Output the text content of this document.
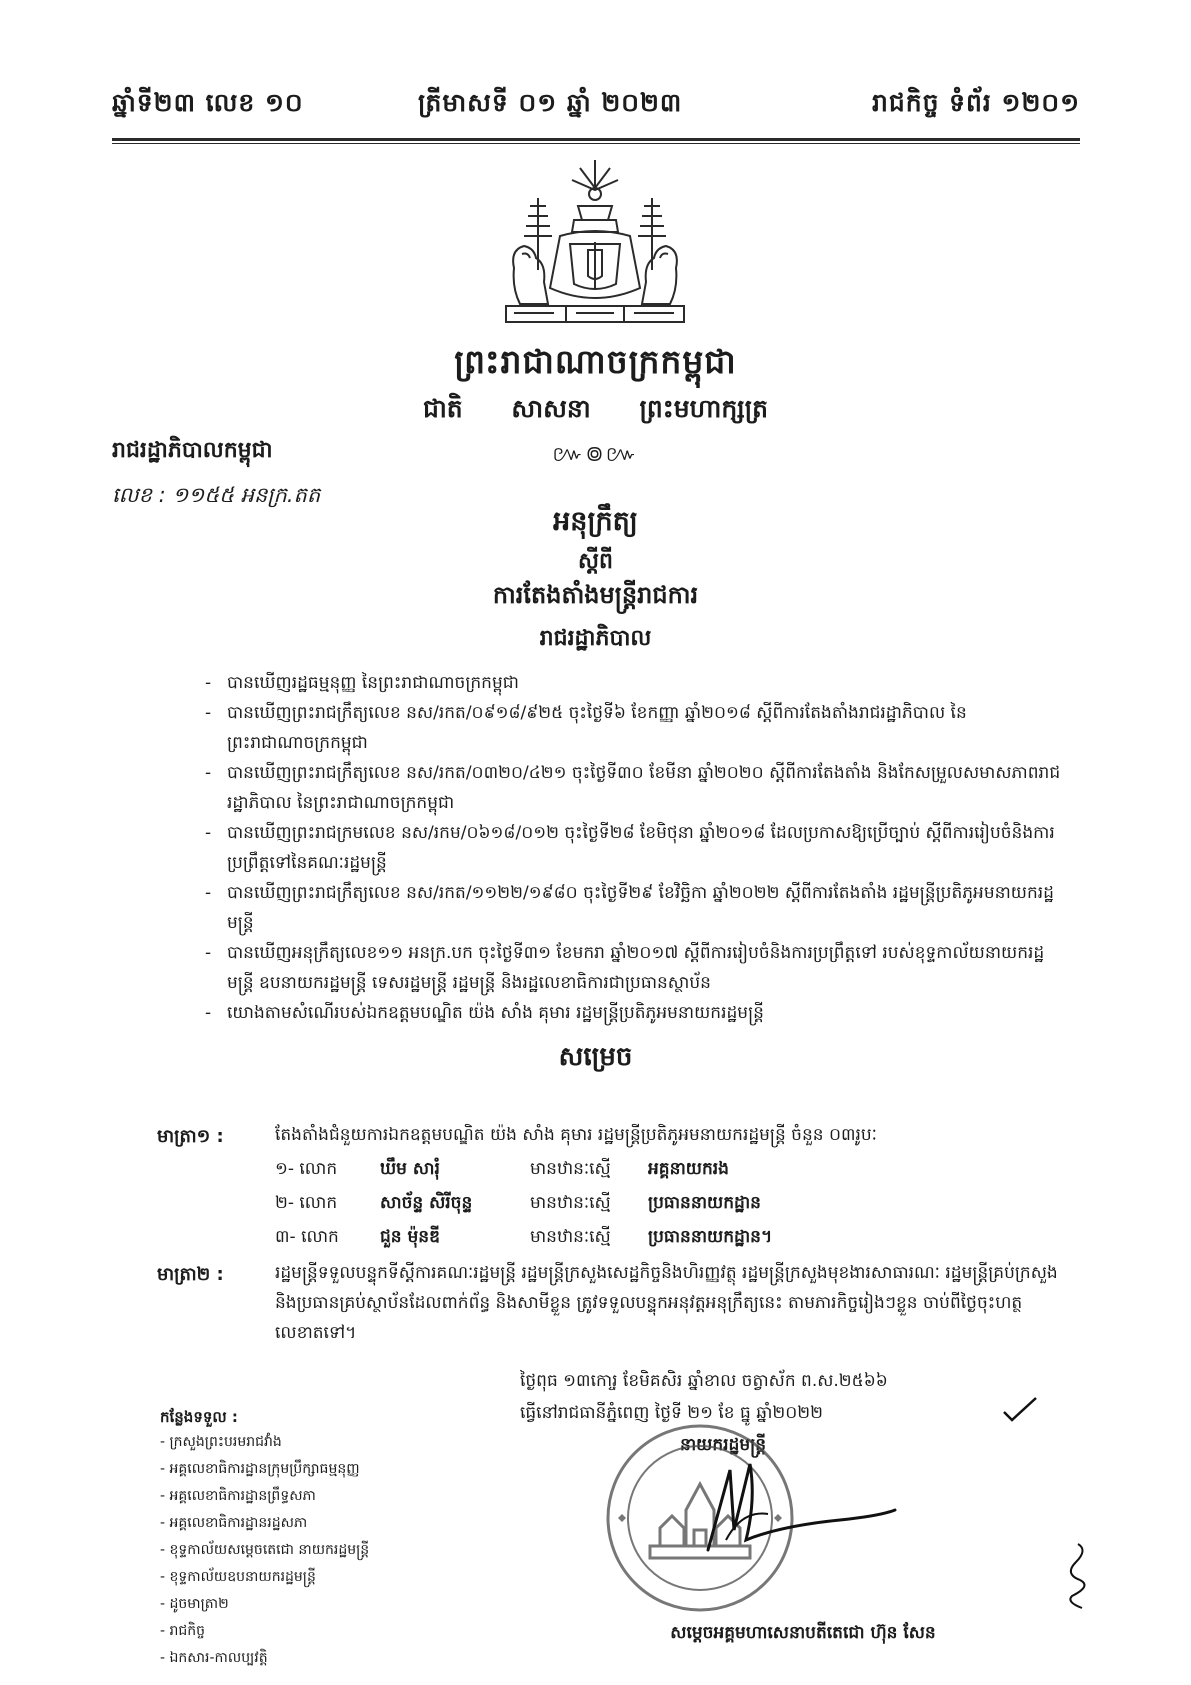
ឆ្នាំទី២៣ លេខ ១០	ត្រីមាសទី ០១ ឆ្នាំ ២០២៣	រាជកិច្ច ទំព័រ ១២០១
ព្រះរាជាណាចក្រកម្ពុជា
ជាតិ សាសនា ព្រះមហាក្សត្រ
៚៙៚
រាជរដ្ឋាភិបាលកម្ពុជា
លេខ : ១១៥៥ អនក្រ.តត
អនុក្រឹត្យ
ស្តីពី
ការតែងតាំងមន្ត្រីរាជការ
រាជរដ្ឋាភិបាល
- បានឃើញរដ្ឋធម្មនុញ្ញ នៃព្រះរាជាណាចក្រកម្ពុជា
- បានឃើញព្រះរាជក្រឹត្យលេខ នស/រកត/០៩១៨/៩២៥ ចុះថ្ងៃទី៦ ខែកញ្ញា ឆ្នាំ២០១៨ ស្តីពីការតែងតាំងរាជរដ្ឋាភិបាល នៃព្រះរាជាណាចក្រកម្ពុជា
- បានឃើញព្រះរាជក្រឹត្យលេខ នស/រកត/០៣២០/៤២១ ចុះថ្ងៃទី៣០ ខែមីនា ឆ្នាំ២០២០ ស្តីពីការតែងតាំង និងកែសម្រួលសមាសភាពរាជរដ្ឋាភិបាល នៃព្រះរាជាណាចក្រកម្ពុជា
- បានឃើញព្រះរាជក្រមលេខ នស/រកម/០៦១៨/០១២ ចុះថ្ងៃទី២៨ ខែមិថុនា ឆ្នាំ២០១៨ ដែលប្រកាសឱ្យប្រើច្បាប់ ស្តីពីការរៀបចំនិងការប្រព្រឹត្តទៅនៃគណៈរដ្ឋមន្ត្រី
- បានឃើញព្រះរាជក្រឹត្យលេខ នស/រកត/១១២២/១៩៨០ ចុះថ្ងៃទី២៩ ខែវិច្ឆិកា ឆ្នាំ២០២២ ស្តីពីការតែងតាំង រដ្ឋមន្ត្រីប្រតិភូអមនាយករដ្ឋមន្ត្រី
- បានឃើញអនុក្រឹត្យលេខ១១ អនក្រ.បក ចុះថ្ងៃទី៣១ ខែមករា ឆ្នាំ២០១៧ ស្តីពីការរៀបចំនិងការប្រព្រឹត្តទៅ របស់ខុទ្ទកាល័យនាយករដ្ឋមន្ត្រី ឧបនាយករដ្ឋមន្ត្រី ទេសរដ្ឋមន្ត្រី រដ្ឋមន្ត្រី និងរដ្ឋលេខាធិការជាប្រធានស្ថាប័ន
- យោងតាមសំណើរបស់ឯកឧត្តមបណ្ឌិត យ៉ង សាំង គុមារ រដ្ឋមន្ត្រីប្រតិភូអមនាយករដ្ឋមន្ត្រី
សម្រេច
មាត្រា១ :	តែងតាំងជំនួយការឯកឧត្តមបណ្ឌិត យ៉ង សាំង គុមារ រដ្ឋមន្ត្រីប្រតិភូអមនាយករដ្ឋមន្ត្រី ចំនួន ០៣រូបៈ
១- លោក	ឃឹម សារុំ	មានឋានៈស្មើ អគ្គនាយករង
២- លោក	សាច័ន្ទ សិរីចុន្ទ	មានឋានៈស្មើ ប្រធាននាយកដ្ឋាន
៣- លោក ជួន ម៉ុនឌី	មានឋានៈស្មើ ប្រធាននាយកដ្ឋាន។
មាត្រា២ :	រដ្ឋមន្ត្រីទទួលបន្ទុកទីស្តីការគណៈរដ្ឋមន្ត្រី រដ្ឋមន្ត្រីក្រសួងសេដ្ឋកិច្ចនិងហិរញ្ញវត្ថុ រដ្ឋមន្ត្រីក្រសួងមុខងារសាធារណៈ រដ្ឋមន្ត្រីគ្រប់ក្រសួងនិងប្រធានគ្រប់ស្ថាប័នដែលពាក់ព័ន្ធ និងសាមីខ្លួន ត្រូវទទួលបន្ទុកអនុវត្តអនុក្រឹត្យនេះ តាមភារកិច្ចរៀងៗខ្លួន ចាប់ពីថ្ងៃចុះហត្ថលេខាតទៅ។
ថ្ងៃពុធ ១៣កោរ្ច ខែមិគសិរ ឆ្នាំខាល ចត្វាស័ក ព.ស.២៥៦៦
ធ្វើនៅរាជធានីភ្នំពេញ ថ្ងៃទី ២១ ខែ ធ្នូ ឆ្នាំ២០២២
នាយករដ្ឋមន្ត្រី
សម្តេចអគ្គមហាសេនាបតីតេជោ ហ៊ុន សែន
កន្លែងទទួល :
- ក្រសួងព្រះបរមរាជវាំង
- អគ្គលេខាធិការដ្ឋានក្រុមប្រឹក្សាធម្មនុញ្ញ
- អគ្គលេខាធិការដ្ឋានព្រឹទ្ធសភា
- អគ្គលេខាធិការដ្ឋានរដ្ឋសភា
- ខុទ្ទកាល័យសម្តេចតេជោ នាយករដ្ឋមន្ត្រី
- ខុទ្ទកាល័យឧបនាយករដ្ឋមន្ត្រី
- ដូចមាត្រា២
- រាជកិច្ច
- ឯកសារ-កាលប្បវត្តិ
